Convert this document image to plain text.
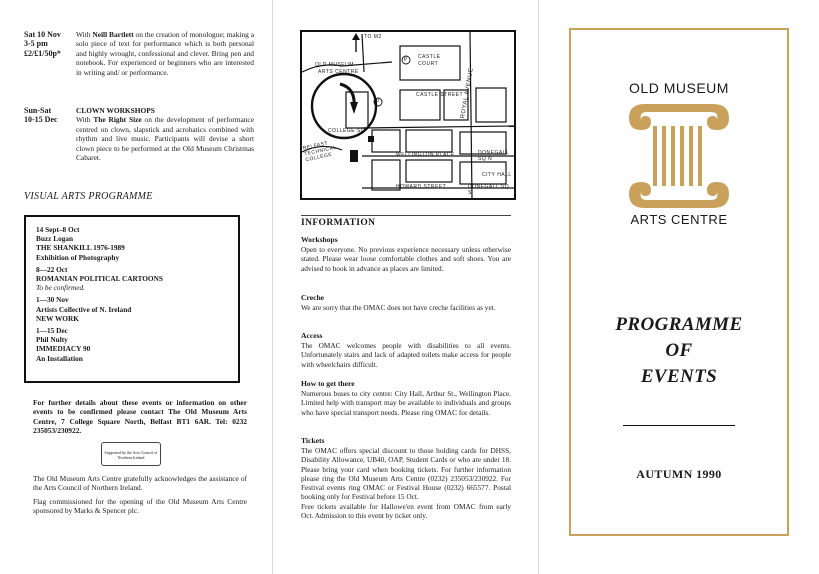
Sat 10 Nov
3-5 pm
£2/£1/50p*
With Neill Bartlett on the creation of monologue; making a solo piece of text for performance which is both personal and highly wrought, confessional and clever. Bring pen and notebook. For experienced or beginners who are interested in writing and/ or performance.
Sun-Sat
10-15 Dec
CLOWN WORKSHOPS
With The Right Size on the development of performance centred on clown, slapstick and acrobatics combined with rhythm and live music. Participants will devise a short clown piece to be performed at the Old Museum Christmas Cabaret.
VISUAL ARTS PROGRAMME
14 Sept–8 Oct
Buzz Logan
THE SHANKILL 1976-1989
Exhibition of Photography
8—22 Oct
ROMANIAN POLITICAL CARTOONS
To be confirmed.
1—30 Nov
Artists Collective of N. Ireland
NEW WORK
1—15 Dec
Phil Nulty
IMMEDIACY 90
An Installation
For further details about these events or information on other events to be confirmed please contact The Old Museum Arts Centre, 7 College Square North, Belfast BT1 6AR. Tel: 0232 235053/230922.
Supported by the Arts Council of Northern Ireland
The Old Museum Arts Centre gratefully acknowledges the assistance of the Arts Council of Northern Ireland.
Flag commissioned for the opening of the Old Museum Arts Centre sponsored by Marks & Spencer plc.
TO M2
OLD MUSEUM
ARTS CENTRE
CASTLE COURT
ROYAL AVENUE
BELFAST TECHNICAL COLLEGE	WELLINGTON PLACE	DONEGALL SQ N
CITY HALL
HOWARD STREET	DONEGALL SQ S
CASTLE STREET
COLLEGE SQ
P
P
INFORMATION
Workshops
Open to everyone. No previous experience necessary unless otherwise stated. Please wear loose comfortable clothes and soft shoes. You are advised to book in advance as places are limited.
Creche
We are sorry that the OMAC does not have creche facilities as yet.
Access
The OMAC welcomes people with disabilities to all events. Unfortunately stairs and lack of adapted toilets make access for people with wheelchairs difficult.
How to get there
Numerous buses to city centre: City Hall, Arthur St., Wellington Place. Limited help with transport may be available to individuals and groups who have special transport needs. Please ring OMAC for details.
Tickets
The OMAC offers special discount to those holding cards for DHSS, Disability Allowance, UB40, OAP, Student Cards or who are under 18. Please bring your card when booking tickets. For further information please ring the Old Museum Arts Centre (0232) 235053/230922. For Festival events ring OMAC or Festival House (0232) 665577. Postal booking only for Festival before 15 Oct.
Free tickets available for Hallowe'en event from OMAC from early Oct. Admission to this event by ticket only.
OLD MUSEUM
ARTS CENTRE
PROGRAMME
OF
EVENTS
AUTUMN 1990
